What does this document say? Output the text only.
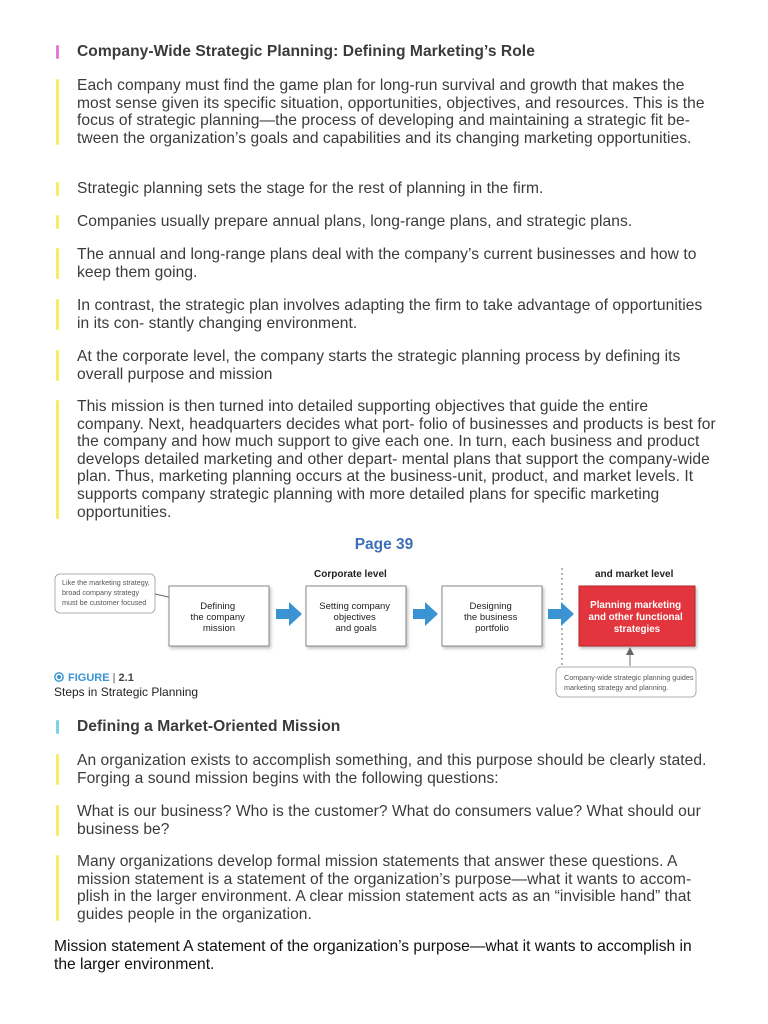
Company-Wide Strategic Planning: Defining Marketing’s Role
Each company must find the game plan for long-run survival and growth that makes the most sense given its specific situation, opportunities, objectives, and resources. This is the focus of strategic planning—the process of developing and maintaining a strategic fit be- tween the organization’s goals and capabilities and its changing marketing opportunities.
Strategic planning sets the stage for the rest of planning in the firm.
Companies usually prepare annual plans, long-range plans, and strategic plans.
The annual and long-range plans deal with the company’s current businesses and how to keep them going.
In contrast, the strategic plan involves adapting the firm to take advantage of opportunities in its con- stantly changing environment.
At the corporate level, the company starts the strategic planning process by defining its overall purpose and mission
This mission is then turned into detailed supporting objectives that guide the entire company. Next, headquarters decides what port- folio of businesses and products is best for the company and how much support to give each one. In turn, each business and product develops detailed marketing and other depart- mental plans that support the company-wide plan. Thus, marketing planning occurs at the business-unit, product, and market levels. It supports company strategic planning with more detailed plans for specific marketing opportunities.
Page 39
Corporate level	and market level
Like the marketing strategy, broad company strategy must be customer focused	Defining the company mission
Setting company objectives and goals
Designing the business portfolio
Planning marketing and other functional strategies
Company-wide strategic planning guides marketing strategy and planning.
FIGURE | 2.1
Steps in Strategic Planning
Defining a Market-Oriented Mission
An organization exists to accomplish something, and this purpose should be clearly stated. Forging a sound mission begins with the following questions:
What is our business? Who is the customer? What do consumers value? What should our business be?
Many organizations develop formal mission statements that answer these questions. A mission statement is a statement of the organization’s purpose—what it wants to accom- plish in the larger environment. A clear mission statement acts as an “invisible hand” that guides people in the organization.
Mission statement A statement of the organization’s purpose—what it wants to accomplish in the larger environment.
